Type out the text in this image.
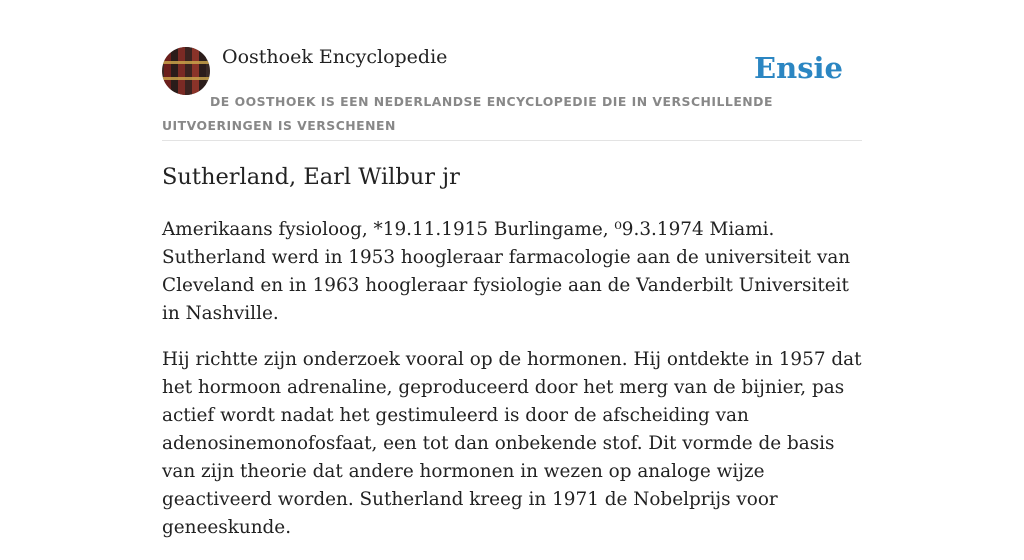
Oosthoek Encyclopedie	Ensie
DE OOSTHOEK IS EEN NEDERLANDSE ENCYCLOPEDIE DIE IN VERSCHILLENDE UITVOERINGEN IS VERSCHENEN
Sutherland, Earl Wilbur jr

Amerikaans fysioloog, *19.11.1915 Burlingame, ⁰9.3.1974 Miami. Sutherland werd in 1953 hoogleraar farmacologie aan de universiteit van Cleveland en in 1963 hoogleraar fysiologie aan de Vanderbilt Universiteit in Nashville.

Hij richtte zijn onderzoek vooral op de hormonen. Hij ontdekte in 1957 dat het hormoon adrenaline, geproduceerd door het merg van de bijnier, pas actief wordt nadat het gestimuleerd is door de afscheiding van adenosinemonofosfaat, een tot dan onbekende stof. Dit vormde de basis van zijn theorie dat andere hormonen in wezen op analoge wijze geactiveerd worden. Sutherland kreeg in 1971 de Nobelprijs voor geneeskunde.
